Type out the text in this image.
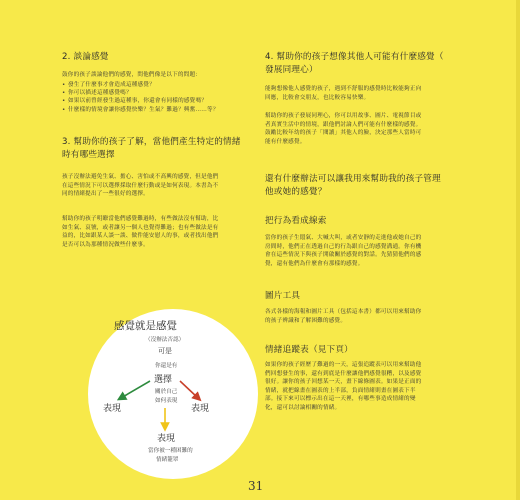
2. 談論感覺

鼓你的孩子談論他們的感覺，問他們像是以下的問題：

• 發生了什麼事才會造成這種感覺？
• 你可以描述這種感覺嗎？
• 如果以前曾經發生過這種事，你還會有同樣的感覺嗎？
• 什麼樣的情境會讓你感覺快樂？生氣？難過？興奮……等？
3. 幫助你的孩子了解，當他們產生特定的情緒
時有哪些選擇

孩子沒辦法避免生氣、擔心、害怕或不高興的感覺，但是他們
在這些情況下可以選擇採取什麼行動或是如何表現。本書為不
同的情緒提出了一些很好的選擇。

幫助你的孩子明瞭當他們感覺難過時，有些做法沒有幫助，比
如生氣、哀號，或者讓另一個人也覺得難過；也有些做法是有
益的，比如跟某人談一談、做件能安慰人的事，或者找出他們
是否可以為那種情況做些什麼事。

感覺就是感覺
（沒辦法否認）
可是
你還是有
選擇
關於自己
如何表現
表現	表現
表現
當你被一種困難的
情緒籠罩
4. 幫助你的孩子想像其他人可能有什麼感覺（
發展同理心）

能夠想像他人感覺的孩子，遇到不舒服的感覺時比較能夠正向
回應，比較會交朋友，也比較容易快樂。

幫助你的孩子發展同理心，你可以用故事、圖片、電視節目或
者真實生活中的情境，跟他們討論人們可能有什麼樣的感覺。
鼓勵比較年幼的孩子「閱讀」其他人的臉，決定那些人當時可
能有什麼感覺。

還有什麼辦法可以讓我用來幫助我的孩子管理
他或她的感覺？
把行為看成線索

當你的孩子生悶氣、大喊大叫，或者安靜的走進他或她自己的
房間時，他們正在透過自己的行為跟自己的感覺溝通。你有機
會在這些情況下與孩子開啟關於感覺的對話。先猜猜他們的感
覺，還有他們為什麼會有那樣的感覺。

圖片工具

各式各樣的海報和圖片工具（包括這本書）都可以用來幫助你
的孩子辨識和了解困難的感覺。

情緒追蹤表（見下頁）

如果你的孩子經歷了難過的一天，這張追蹤表可以用來幫助他
們回想發生的事，還有到底是什麼讓他們感覺很糟，以及感覺
很好。讓你的孩子回想某一天，畫下線條圖表。如果是正面的
情緒，就把線畫在圖表的上半部，負面情緒則畫在圖表下半
部。接下來可以標示出在這一天裡，有哪些事造成情緒的變
化，還可以討論相關的情緒。

31
